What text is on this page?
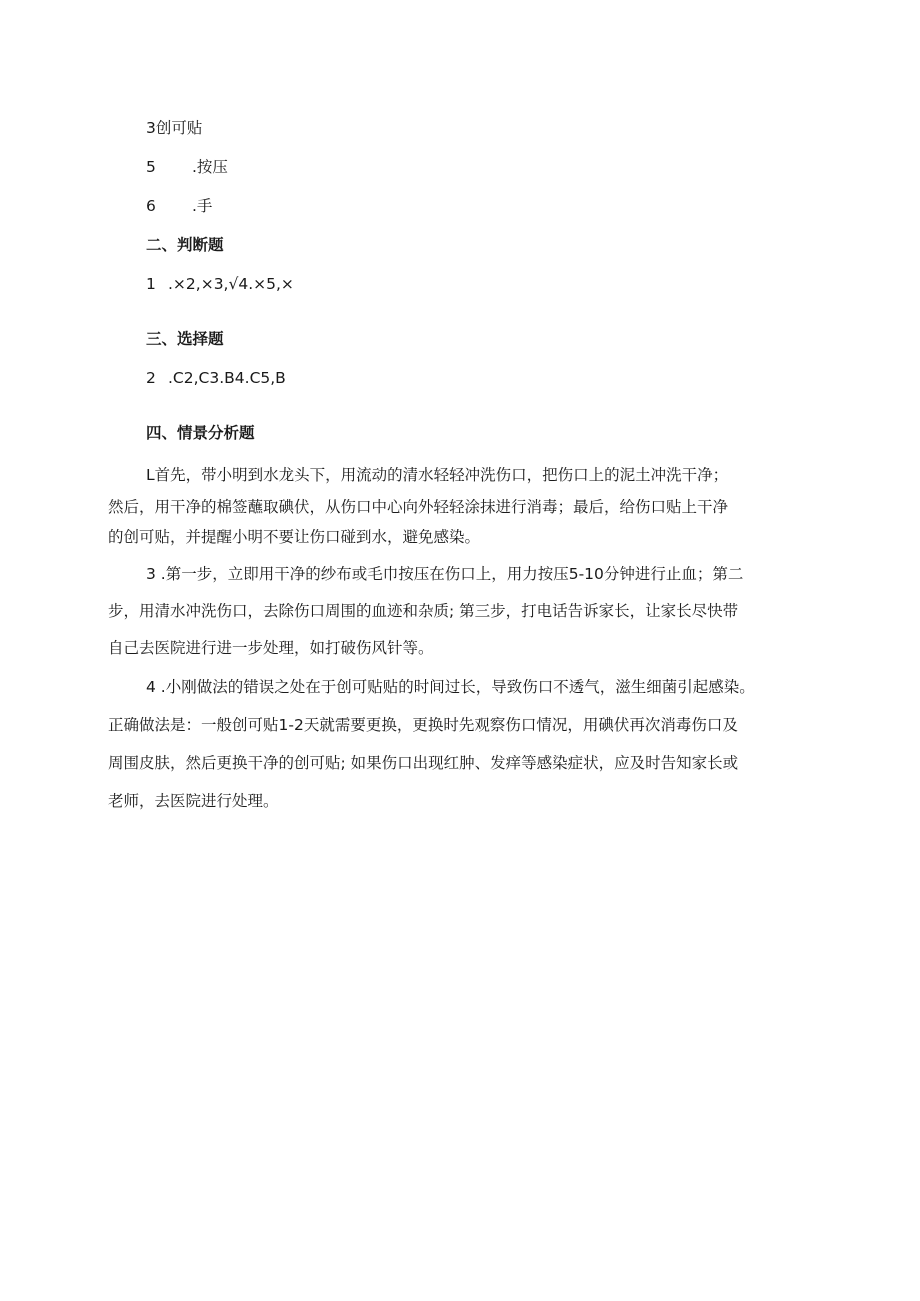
3创可贴
5 .按压
6 .手
二、判断题
1 .×2,×3,√4.×5,×
三、选择题
2 .C2,C3.B4.C5,B
四、情景分析题
L首先，带小明到水龙头下，用流动的清水轻轻冲洗伤口，把伤口上的泥土冲洗干净；
然后，用干净的棉签蘸取碘伏，从伤口中心向外轻轻涂抹进行消毒；最后，给伤口贴上干净
的创可贴，并提醒小明不要让伤口碰到水，避免感染。
3 .第一步，立即用干净的纱布或毛巾按压在伤口上，用力按压5-10分钟进行止血；第二
步，用清水冲洗伤口，去除伤口周围的血迹和杂质; 第三步，打电话告诉家长，让家长尽快带
自己去医院进行进一步处理，如打破伤风针等。
4 .小刚做法的错误之处在于创可贴贴的时间过长，导致伤口不透气，滋生细菌引起感染。
正确做法是：一般创可贴1-2天就需要更换，更换时先观察伤口情况，用碘伏再次消毒伤口及
周围皮肤，然后更换干净的创可贴; 如果伤口出现红肿、发痒等感染症状，应及时告知家长或
老师，去医院进行处理。
